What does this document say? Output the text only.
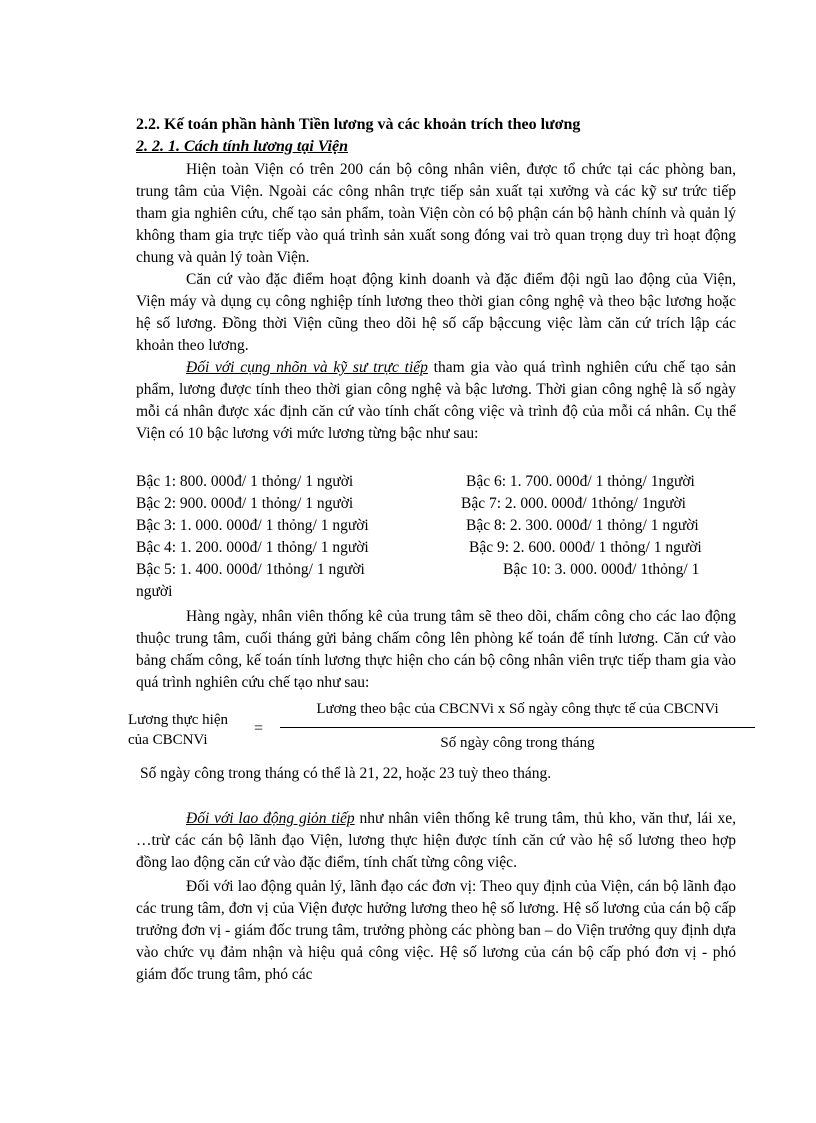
2.2. Kế toán phần hành Tiền lương và các khoản trích theo lương
2. 2. 1. Cách tính lương tại Viện

Hiện toàn Viện có trên 200 cán bộ công nhân viên, được tổ chức tại các phòng ban, trung tâm của Viện. Ngoài các công nhân trực tiếp sản xuất tại xưởng và các kỹ sư trức tiếp tham gia nghiên cứu, chế tạo sản phẩm, toàn Viện còn có bộ phận cán bộ hành chính và quản lý không tham gia trực tiếp vào quá trình sản xuất song đóng vai trò quan trọng duy trì hoạt động chung và quản lý toàn Viện.

Căn cứ vào đặc điểm hoạt động kinh doanh và đặc điểm đội ngũ lao động của Viện, Viện máy và dụng cụ công nghiệp tính lương theo thời gian công nghệ và theo bậc lương hoặc hệ số lương. Đồng thời Viện cũng theo dõi hệ số cấp bậccung việc làm căn cứ trích lập các khoản theo lương.

Đối với cụng nhõn và kỹ sư trực tiếp tham gia vào quá trình nghiên cứu chế tạo sản phẩm, lương được tính theo thời gian công nghệ và bậc lương. Thời gian công nghệ là số ngày mỗi cá nhân được xác định căn cứ vào tính chất công việc và trình độ của mỗi cá nhân. Cụ thể Viện có 10 bậc lương với mức lương từng bậc như sau:

Bậc 1: 800. 000đ/ 1 thỏng/ 1 người	Bậc 6: 1. 700. 000đ/ 1 thỏng/ 1người
Bậc 2: 900. 000đ/ 1 thỏng/ 1 người	Bậc 7: 2. 000. 000đ/ 1thỏng/ 1người
Bậc 3: 1. 000. 000đ/ 1 thỏng/ 1 người	Bậc 8: 2. 300. 000đ/ 1 thỏng/ 1 người
Bậc 4: 1. 200. 000đ/ 1 thỏng/ 1 người	Bậc 9: 2. 600. 000đ/ 1 thỏng/ 1 người
Bậc 5: 1. 400. 000đ/ 1thỏng/ 1 người	Bậc 10: 3. 000. 000đ/ 1thỏng/ 1
người

Hàng ngày, nhân viên thống kê của trung tâm sẽ theo dõi, chấm công cho các lao động thuộc trung tâm, cuối tháng gửi bảng chấm công lên phòng kế toán để tính lương. Căn cứ vào bảng chấm công, kế toán tính lương thực hiện cho cán bộ công nhân viên trực tiếp tham gia vào quá trình nghiên cứu chế tạo như sau:

Lương thực hiện
của CBCNVi
=
Lương theo bậc của CBCNVi x Số ngày công thực tế của CBCNVi
Số ngày công trong tháng

Số ngày công trong tháng có thể là 21, 22, hoặc 23 tuỳ theo tháng.

Đối với lao động giỏn tiếp như nhân viên thống kê trung tâm, thủ kho, văn thư, lái xe, …trừ các cán bộ lãnh đạo Viện, lương thực hiện được tính căn cứ vào hệ số lương theo hợp đồng lao động căn cứ vào đặc điểm, tính chất từng công việc.

Đối với lao động quản lý, lãnh đạo các đơn vị: Theo quy định của Viện, cán bộ lãnh đạo các trung tâm, đơn vị của Viện được hưởng lương theo hệ số lương. Hệ số lương của cán bộ cấp trưởng đơn vị - giám đốc trung tâm, trưởng phòng các phòng ban – do Viện trưởng quy định dựa vào chức vụ đảm nhận và hiệu quả công việc. Hệ số lương của cán bộ cấp phó đơn vị - phó giám đốc trung tâm, phó các
